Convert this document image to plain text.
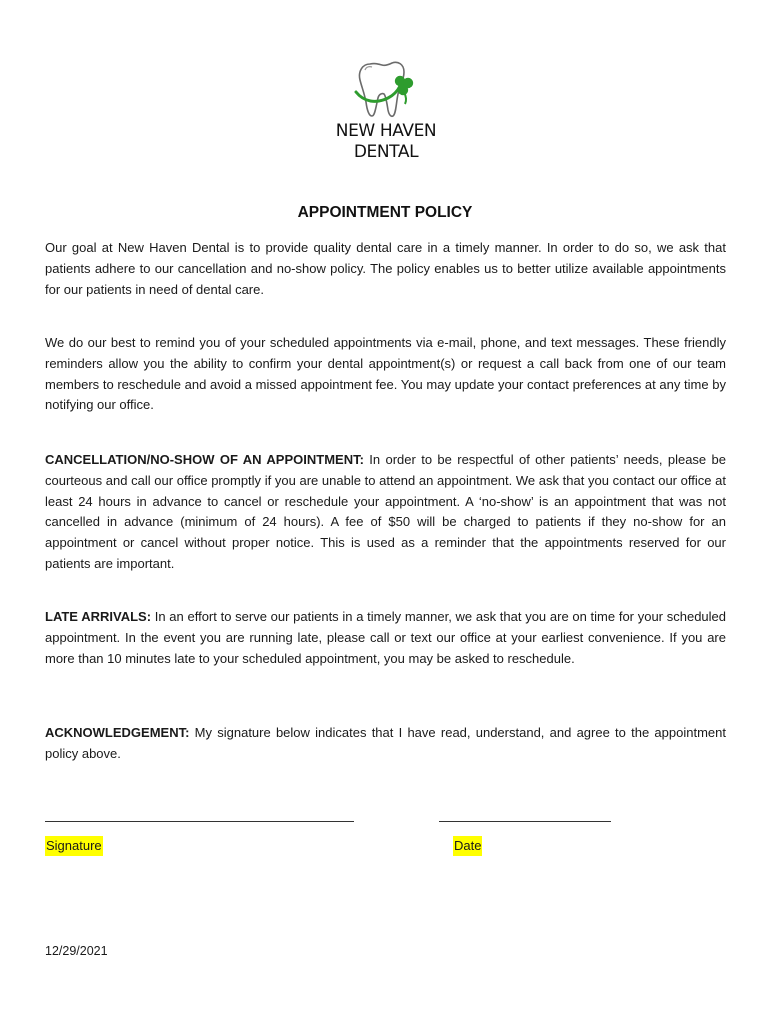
NEW HAVEN
DENTAL
APPOINTMENT POLICY

Our goal at New Haven Dental is to provide quality dental care in a timely manner. In order to do so, we ask that patients adhere to our cancellation and no-show policy. The policy enables us to better utilize available appointments for our patients in need of dental care.

We do our best to remind you of your scheduled appointments via e-mail, phone, and text messages. These friendly reminders allow you the ability to confirm your dental appointment(s) or request a call back from one of our team members to reschedule and avoid a missed appointment fee. You may update your contact preferences at any time by notifying our office.

CANCELLATION/NO-SHOW OF AN APPOINTMENT: In order to be respectful of other patients’ needs, please be courteous and call our office promptly if you are unable to attend an appointment. We ask that you contact our office at least 24 hours in advance to cancel or reschedule your appointment. A ‘no-show’ is an appointment that was not cancelled in advance (minimum of 24 hours). A fee of $50 will be charged to patients if they no-show for an appointment or cancel without proper notice. This is used as a reminder that the appointments reserved for our patients are important.

LATE ARRIVALS: In an effort to serve our patients in a timely manner, we ask that you are on time for your scheduled appointment. In the event you are running late, please call or text our office at your earliest convenience. If you are more than 10 minutes late to your scheduled appointment, you may be asked to reschedule.

ACKNOWLEDGEMENT: My signature below indicates that I have read, understand, and agree to the appointment policy above.

Signature	Date
12/29/2021
